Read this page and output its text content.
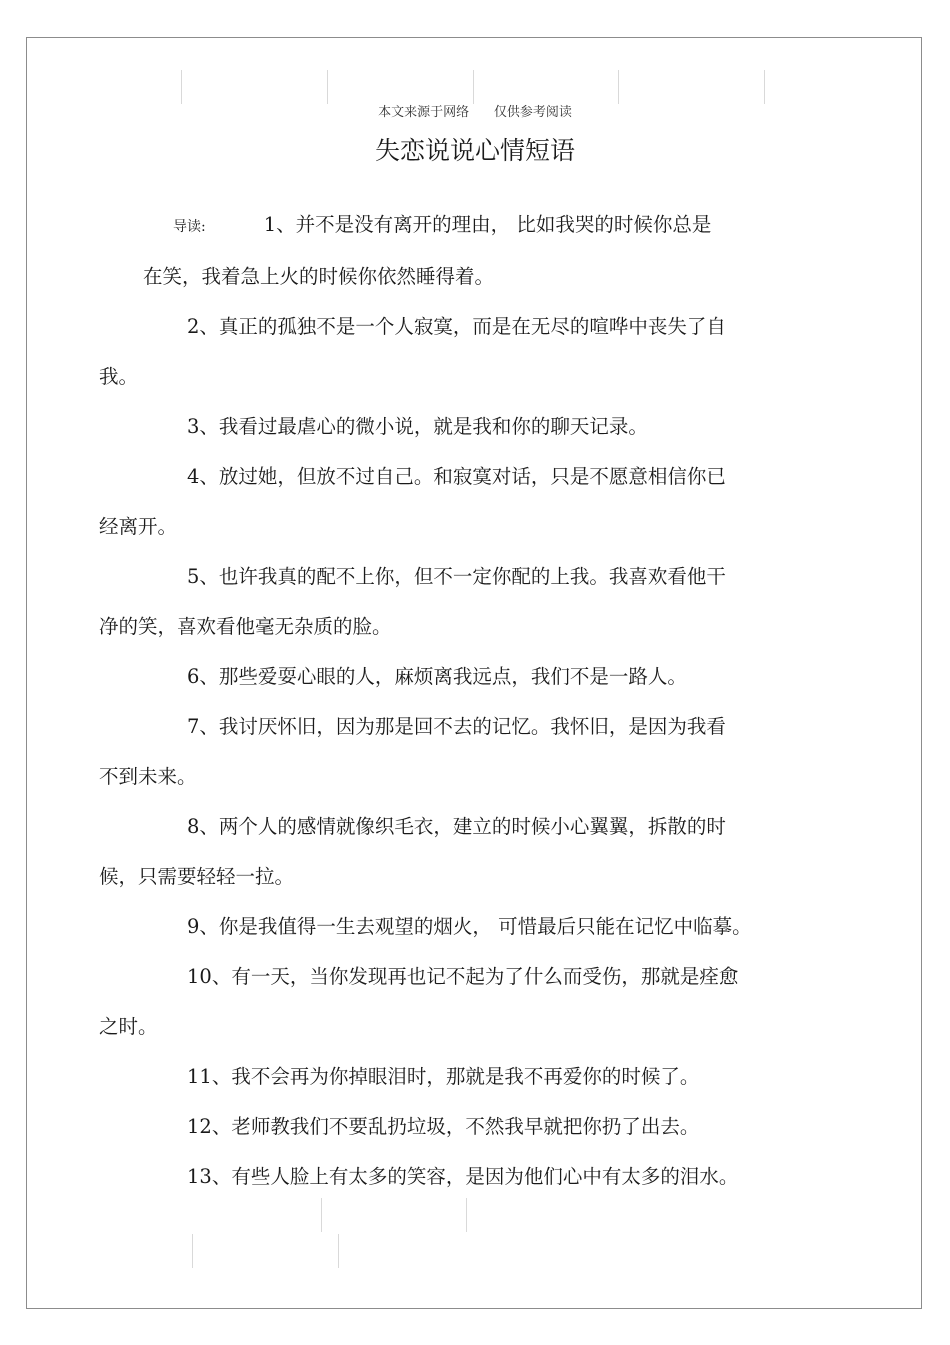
本文来源于网络      仅供参考阅读
失恋说说心情短语
导读:	1、并不是没有离开的理由， 比如我哭的时候你总是
在笑，我着急上火的时候你依然睡得着。
2、真正的孤独不是一个人寂寞，而是在无尽的喧哗中丧失了自
我。
3、我看过最虐心的微小说，就是我和你的聊天记录。
4、放过她，但放不过自己。和寂寞对话，只是不愿意相信你已
经离开。
5、也许我真的配不上你，但不一定你配的上我。我喜欢看他干
净的笑，喜欢看他毫无杂质的脸。
6、那些爱耍心眼的人，麻烦离我远点，我们不是一路人。
7、我讨厌怀旧，因为那是回不去的记忆。我怀旧，是因为我看
不到未来。
8、两个人的感情就像织毛衣，建立的时候小心翼翼，拆散的时
候，只需要轻轻一拉。
9、你是我值得一生去观望的烟火， 可惜最后只能在记忆中临摹。
10、有一天，当你发现再也记不起为了什么而受伤，那就是痊愈
之时。
11、我不会再为你掉眼泪时，那就是我不再爱你的时候了。
12、老师教我们不要乱扔垃圾，不然我早就把你扔了出去。
13、有些人脸上有太多的笑容，是因为他们心中有太多的泪水。
